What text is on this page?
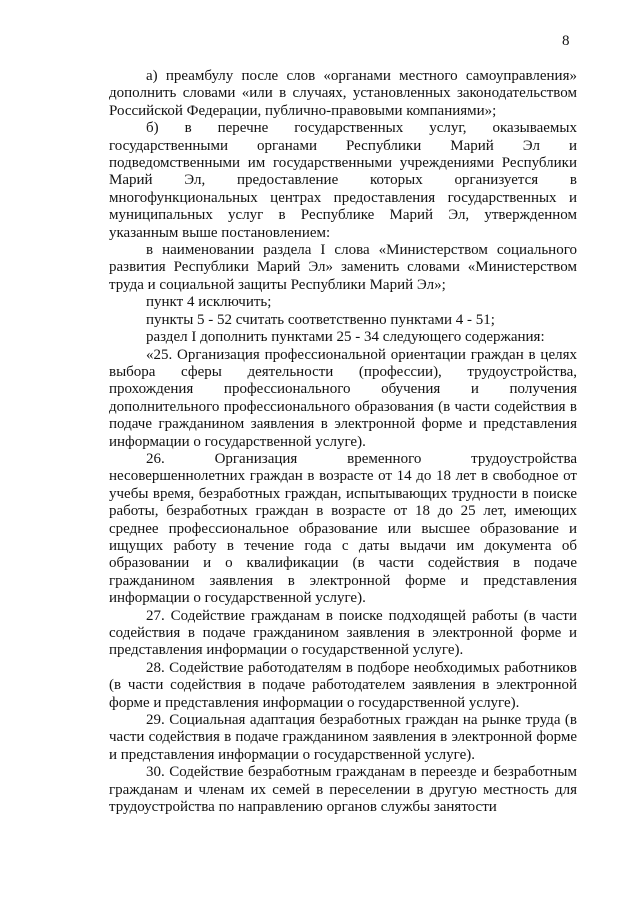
8

а) преамбулу после слов «органами местного самоуправления» дополнить словами «или в случаях, установленных законодательством Российской Федерации, публично-правовыми компаниями»;

б) в перечне государственных услуг, оказываемых государственными органами Республики Марий Эл и подведомственными им государственными учреждениями Республики Марий Эл, предоставление которых организуется в многофункциональных центрах предоставления государственных и муниципальных услуг в Республике Марий Эл, утвержденном указанным выше постановлением:

в наименовании раздела I слова «Министерством социального развития Республики Марий Эл» заменить словами «Министерством труда и социальной защиты Республики Марий Эл»;

пункт 4 исключить;

пункты 5 - 52 считать соответственно пунктами 4 - 51;

раздел I дополнить пунктами 25 - 34 следующего содержания:

«25. Организация профессиональной ориентации граждан в целях выбора сферы деятельности (профессии), трудоустройства, прохождения профессионального обучения и получения дополнительного профессионального образования (в части содействия в подаче гражданином заявления в электронной форме и представления информации о государственной услуге).

26. Организация временного трудоустройства несовершеннолетних граждан в возрасте от 14 до 18 лет в свободное от учебы время, безработных граждан, испытывающих трудности в поиске работы, безработных граждан в возрасте от 18 до 25 лет, имеющих среднее профессиональное образование или высшее образование и ищущих работу в течение года с даты выдачи им документа об образовании и о квалификации (в части содействия в подаче гражданином заявления в электронной форме и представления информации о государственной услуге).

27. Содействие гражданам в поиске подходящей работы (в части содействия в подаче гражданином заявления в электронной форме и представления информации о государственной услуге).

28. Содействие работодателям в подборе необходимых работников (в части содействия в подаче работодателем заявления в электронной форме и представления информации о государственной услуге).

29. Социальная адаптация безработных граждан на рынке труда (в части содействия в подаче гражданином заявления в электронной форме и представления информации о государственной услуге).

30. Содействие безработным гражданам в переезде и безработным гражданам и членам их семей в переселении в другую местность для трудоустройства по направлению органов службы занятости
